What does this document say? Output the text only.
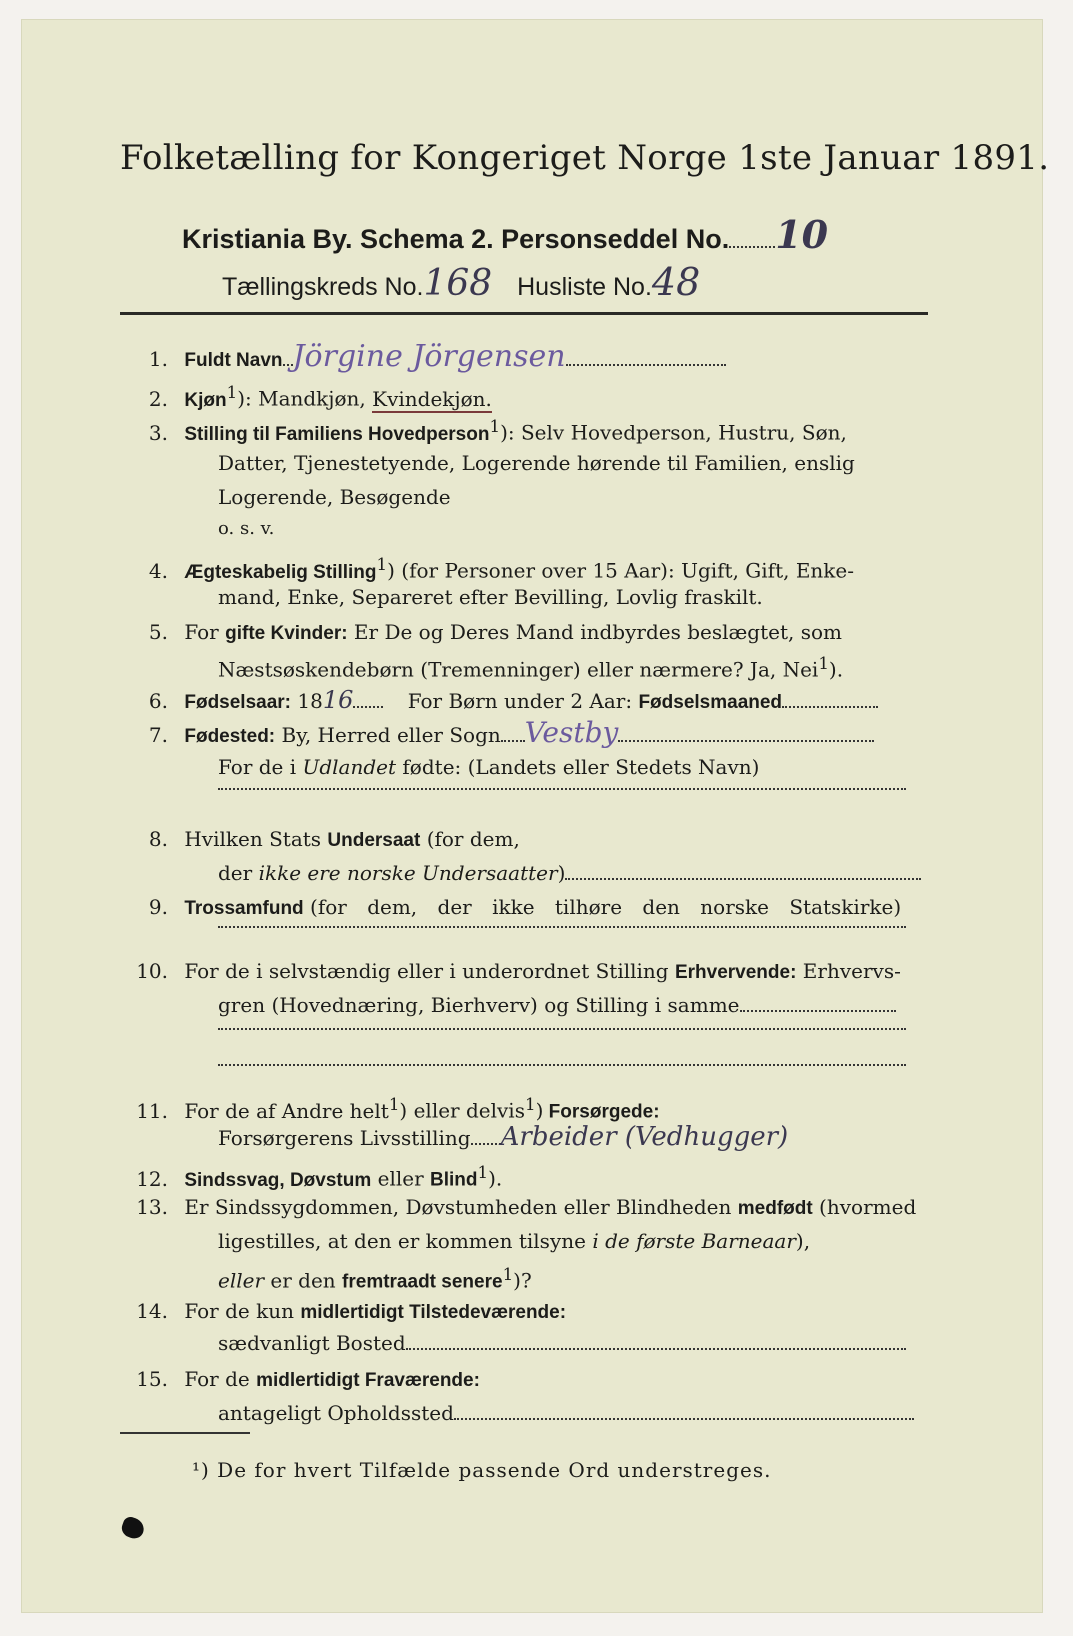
Folketælling for Kongeriget Norge 1ste Januar 1891.
Kristiania By. Schema 2. Personseddel No. 10
Tællingskreds No.168 Husliste No.48
1. Fuldt Navn Jörgine Jörgensen
2. Kjøn$^1$): Mandkjøn, Kvindekjøn.
3. Stilling til Familiens Hovedperson$^1$): Selv Hovedperson, Hustru, Søn,
Datter, Tjenestetyende, Logerende hørende til Familien, enslig
Logerende, Besøgende
o. s. v.
4. Ægteskabelig Stilling$^1$) (for Personer over 15 Aar): Ugift, Gift, Enke-
mand, Enke, Separeret efter Bevilling, Lovlig fraskilt.
5. For gifte Kvinder: Er De og Deres Mand indbyrdes beslægtet, som
Næstsøskendebørn (Tremenninger) eller nærmere? Ja, Nei$^1$).
6. Fødselsaar: 1816	For Børn under 2 Aar: Fødselsmaaned
7. Fødested: By, Herred eller Sogn Vestby
For de i Udlandet fødte: (Landets eller Stedets Navn)
8. Hvilken Stats Undersaat (for dem,
der ikke ere norske Undersaatter)
9. Trossamfund (for dem, der ikke tilhøre den norske Statskirke)
10. For de i selvstændig eller i underordnet Stilling Erhvervende: Erhvervs-
gren (Hovednæring, Bierhverv) og Stilling i samme
11. For de af Andre helt$^1$) eller delvis$^1$) Forsørgede:
Forsørgerens Livsstilling Arbeider (Vedhugger)
12. Sindssvag, Døvstum eller Blind$^1$).
13. Er Sindssygdommen, Døvstumheden eller Blindheden medfødt (hvormed
ligestilles, at den er kommen tilsyne i de første Barneaar),
eller er den fremtraadt senere$^1$)?
14. For de kun midlertidigt Tilstedeværende:
sædvanligt Bosted
15. For de midlertidigt Fraværende:
antageligt Opholdssted
¹) De for hvert Tilfælde passende Ord understreges.
